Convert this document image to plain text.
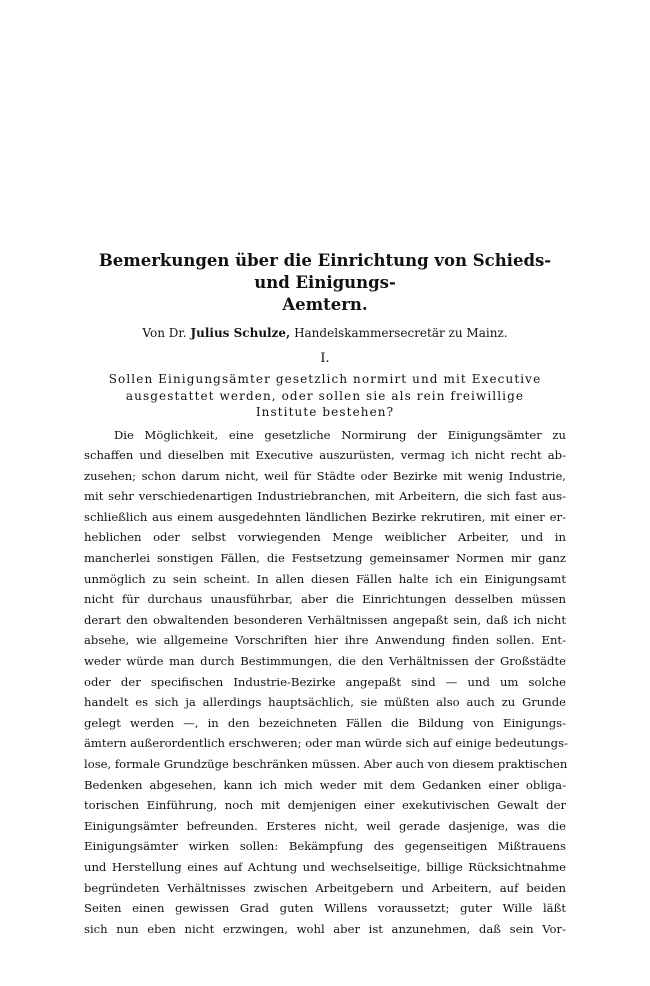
Bemerkungen über die Einrichtung von Schieds- und Einigungs-
Aemtern.

Von Dr. Julius Schulze, Handelskammersecretär zu Mainz.

I.

Sollen Einigungsämter gesetzlich normirt und mit Executive
ausgestattet werden, oder sollen sie als rein freiwillige
Institute bestehen?

Die Möglichkeit, eine gesetzliche Normirung der Einigungsämter zu
schaffen und dieselben mit Executive auszurüsten, vermag ich nicht recht ab-
zusehen; schon darum nicht, weil für Städte oder Bezirke mit wenig Industrie,
mit sehr verschiedenartigen Industriebranchen, mit Arbeitern, die sich fast aus-
schließlich aus einem ausgedehnten ländlichen Bezirke rekrutiren, mit einer er-
heblichen oder selbst vorwiegenden Menge weiblicher Arbeiter, und in
mancherlei sonstigen Fällen, die Festsetzung gemeinsamer Normen mir ganz
unmöglich zu sein scheint. In allen diesen Fällen halte ich ein Einigungsamt
nicht für durchaus unausführbar, aber die Einrichtungen desselben müssen
derart den obwaltenden besonderen Verhältnissen angepaßt sein, daß ich nicht
absehe, wie allgemeine Vorschriften hier ihre Anwendung finden sollen. Ent-
weder würde man durch Bestimmungen, die den Verhältnissen der Großstädte
oder der specifischen Industrie-Bezirke angepaßt sind — und um solche
handelt es sich ja allerdings hauptsächlich, sie müßten also auch zu Grunde
gelegt werden —, in den bezeichneten Fällen die Bildung von Einigungs-
ämtern außerordentlich erschweren; oder man würde sich auf einige bedeutungs-
lose, formale Grundzüge beschränken müssen. Aber auch von diesem praktischen
Bedenken abgesehen, kann ich mich weder mit dem Gedanken einer obliga-
torischen Einführung, noch mit demjenigen einer exekutivischen Gewalt der
Einigungsämter befreunden. Ersteres nicht, weil gerade dasjenige, was die
Einigungsämter wirken sollen: Bekämpfung des gegenseitigen Mißtrauens
und Herstellung eines auf Achtung und wechselseitige, billige Rücksichtnahme
begründeten Verhältnisses zwischen Arbeitgebern und Arbeitern, auf beiden
Seiten einen gewissen Grad guten Willens voraussetzt; guter Wille läßt
sich nun eben nicht erzwingen, wohl aber ist anzunehmen, daß sein Vor-
